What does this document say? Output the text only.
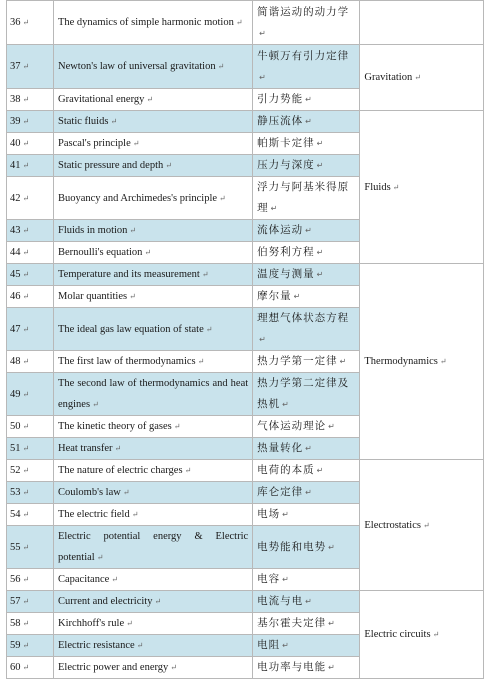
36 ↵	The dynamics of simple harmonic motion ↵	简谐运动的动力学↵	
37 ↵	Newton's law of universal gravitation ↵	牛顿万有引力定律↵	Gravitation ↵
38 ↵	Gravitational energy ↵	引力势能 ↵	
39 ↵	Static fluids ↵	静压流体 ↵	Fluids ↵
40 ↵	Pascal's principle ↵	帕斯卡定律 ↵	
41 ↵	Static pressure and depth ↵	压力与深度 ↵	
42 ↵	Buoyancy and Archimedes's principle ↵	浮力与阿基米得原理 ↵	
43 ↵	Fluids in motion ↵	流体运动 ↵	
44 ↵	Bernoulli's equation ↵	伯努利方程 ↵	
45 ↵	Temperature and its measurement ↵	温度与测量 ↵	Thermodynamics ↵
46 ↵	Molar quantities ↵	摩尔量 ↵	
47 ↵	The ideal gas law equation of state ↵	理想气体状态方程↵	
48 ↵	The first law of thermodynamics ↵	热力学第一定律 ↵	
49 ↵	The second law of thermodynamics and heat engines ↵	热力学第二定律及热机 ↵	
50 ↵	The kinetic theory of gases ↵	气体运动理论 ↵	
51 ↵	Heat transfer ↵	热量转化 ↵	
52 ↵	The nature of electric charges ↵	电荷的本质 ↵	Electrostatics ↵
53 ↵	Coulomb's law ↵	库仑定律 ↵	
54 ↵	The electric field ↵	电场 ↵	
55 ↵	Electric potential energy & Electric potential ↵	电势能和电势 ↵	
56 ↵	Capacitance ↵	电容 ↵	
57 ↵	Current and electricity ↵	电流与电 ↵	Electric circuits ↵
58 ↵	Kirchhoff's rule ↵	基尔霍夫定律 ↵	
59 ↵	Electric resistance ↵	电阻 ↵	
60 ↵	Electric power and energy ↵	电功率与电能 ↵	
